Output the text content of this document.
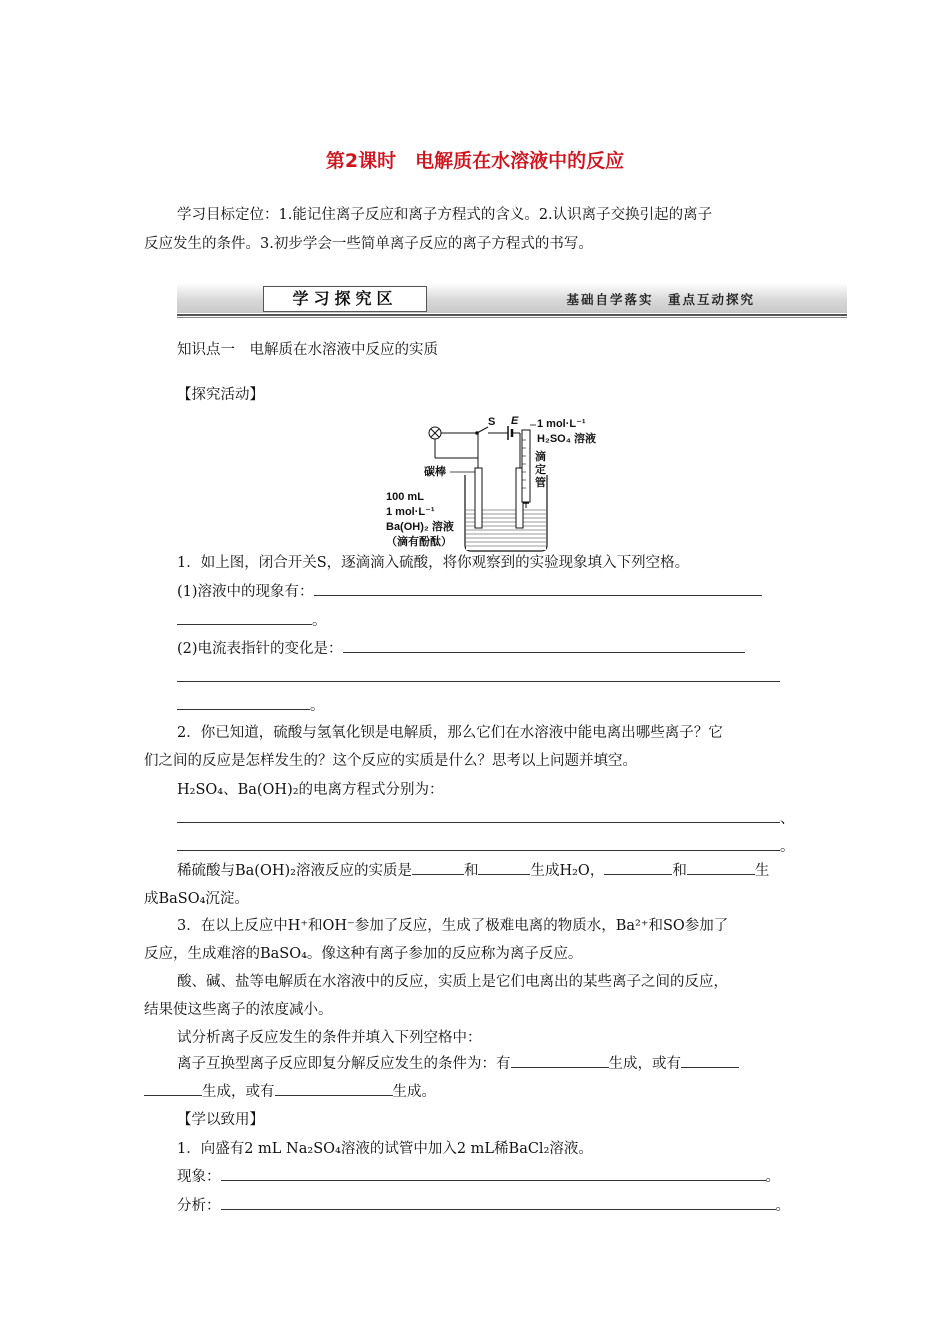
第2课时　电解质在水溶液中的反应
学习目标定位：1.能记住离子反应和离子方程式的含义。2.认识离子交换引起的离子
反应发生的条件。3.初步学会一些简单离子反应的离子方程式的书写。
学习探究区	基础自学落实　重点互动探究
知识点一　电解质在水溶液中反应的实质
【探究活动】
S E 1 mol·L⁻¹
H₂SO₄ 溶液
滴
定
管
碳棒
100 mL
1 mol·L⁻¹
Ba(OH)₂ 溶液
（滴有酚酞）
1．如上图，闭合开关S，逐滴滴入硫酸，将你观察到的实验现象填入下列空格。
(1)溶液中的现象有：
。
(2)电流表指针的变化是：
。
2．你已知道，硫酸与氢氧化钡是电解质，那么它们在水溶液中能电离出哪些离子？它
们之间的反应是怎样发生的？这个反应的实质是什么？思考以上问题并填空。
H₂SO₄、Ba(OH)₂的电离方程式分别为：
、
。
稀硫酸与Ba(OH)₂溶液反应的实质是	和	生成H₂O，	和	生
成BaSO₄沉淀。
3．在以上反应中H⁺和OH⁻参加了反应，生成了极难电离的物质水，Ba²⁺和SO参加了
反应，生成难溶的BaSO₄。像这种有离子参加的反应称为离子反应。
酸、碱、盐等电解质在水溶液中的反应，实质上是它们电离出的某些离子之间的反应，
结果使这些离子的浓度减小。
试分析离子反应发生的条件并填入下列空格中：
离子互换型离子反应即复分解反应发生的条件为：有	生成，或有
生成，或有	生成。
【学以致用】
1．向盛有2 mL Na₂SO₄溶液的试管中加入2 mL稀BaCl₂溶液。
现象：	。
分析：	。
